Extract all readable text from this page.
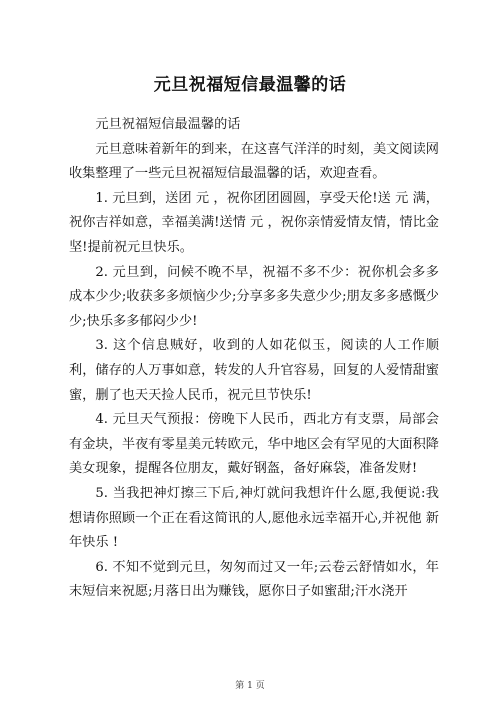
元旦祝福短信最温馨的话

元旦祝福短信最温馨的话

元旦意味着新年的到来，在这喜气洋洋的时刻，美文阅读网收集整理了一些元旦祝福短信最温馨的话，欢迎查看。

1. 元旦到，送团 元 ，祝你团团圆圆，享受天伦!送 元 满，祝你吉祥如意，幸福美满!送情 元 ，祝你亲情爱情友情，情比金坚!提前祝元旦快乐。

2. 元旦到，问候不晚不早，祝福不多不少：祝你机会多多成本少少;收获多多烦恼少少;分享多多失意少少;朋友多多感慨少少;快乐多多郁闷少少!

3. 这个信息贼好，收到的人如花似玉，阅读的人工作顺利，储存的人万事如意，转发的人升官容易，回复的人爱情甜蜜蜜，删了也天天捡人民币，祝元旦节快乐!

4. 元旦天气预报：傍晚下人民币，西北方有支票，局部会有金块，半夜有零星美元转欧元，华中地区会有罕见的大面积降美女现象，提醒各位朋友，戴好钢盔，备好麻袋，准备发财!

5. 当我把神灯擦三下后,神灯就问我想许什么愿,我便说:我想请你照顾一个正在看这简讯的人,愿他永远幸福开心,并祝他 新年快乐 !

6. 不知不觉到元旦，匆匆而过又一年;云卷云舒情如水，年末短信来祝愿;月落日出为赚钱，愿你日子如蜜甜;汗水浇开

第 1 页
